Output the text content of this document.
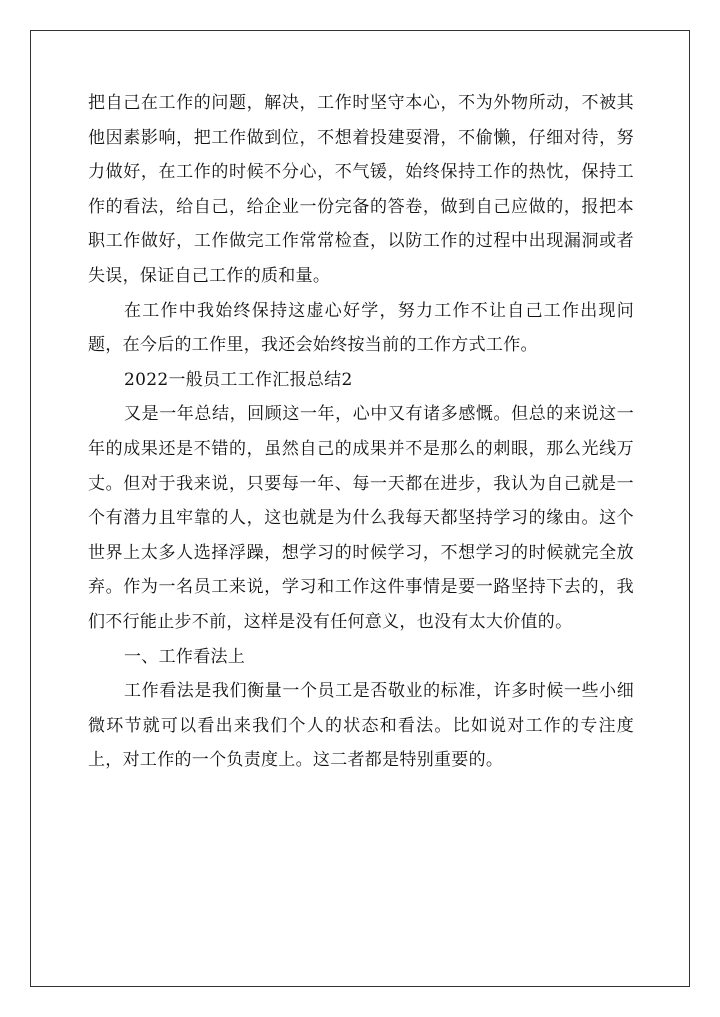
把自己在工作的问题，解决，工作时坚守本心，不为外物所动，不被其他因素影响，把工作做到位，不想着投建耍滑，不偷懒，仔细对待，努力做好，在工作的时候不分心，不气锾，始终保持工作的热忱，保持工作的看法，给自己，给企业一份完备的答卷，做到自己应做的，报把本职工作做好，工作做完工作常常检查，以防工作的过程中出现漏洞或者失误，保证自己工作的质和量。

在工作中我始终保持这虚心好学，努力工作不让自己工作出现问题，在今后的工作里，我还会始终按当前的工作方式工作。

2022一般员工工作汇报总结2

又是一年总结，回顾这一年，心中又有诸多感慨。但总的来说这一年的成果还是不错的，虽然自己的成果并不是那么的刺眼，那么光线万丈。但对于我来说，只要每一年、每一天都在进步，我认为自己就是一个有潜力且牢靠的人，这也就是为什么我每天都坚持学习的缘由。这个世界上太多人选择浮躁，想学习的时候学习，不想学习的时候就完全放弃。作为一名员工来说，学习和工作这件事情是要一路坚持下去的，我们不行能止步不前，这样是没有任何意义，也没有太大价值的。

一、工作看法上

工作看法是我们衡量一个员工是否敬业的标准，许多时候一些小细微环节就可以看出来我们个人的状态和看法。比如说对工作的专注度上，对工作的一个负责度上。这二者都是特别重要的。
